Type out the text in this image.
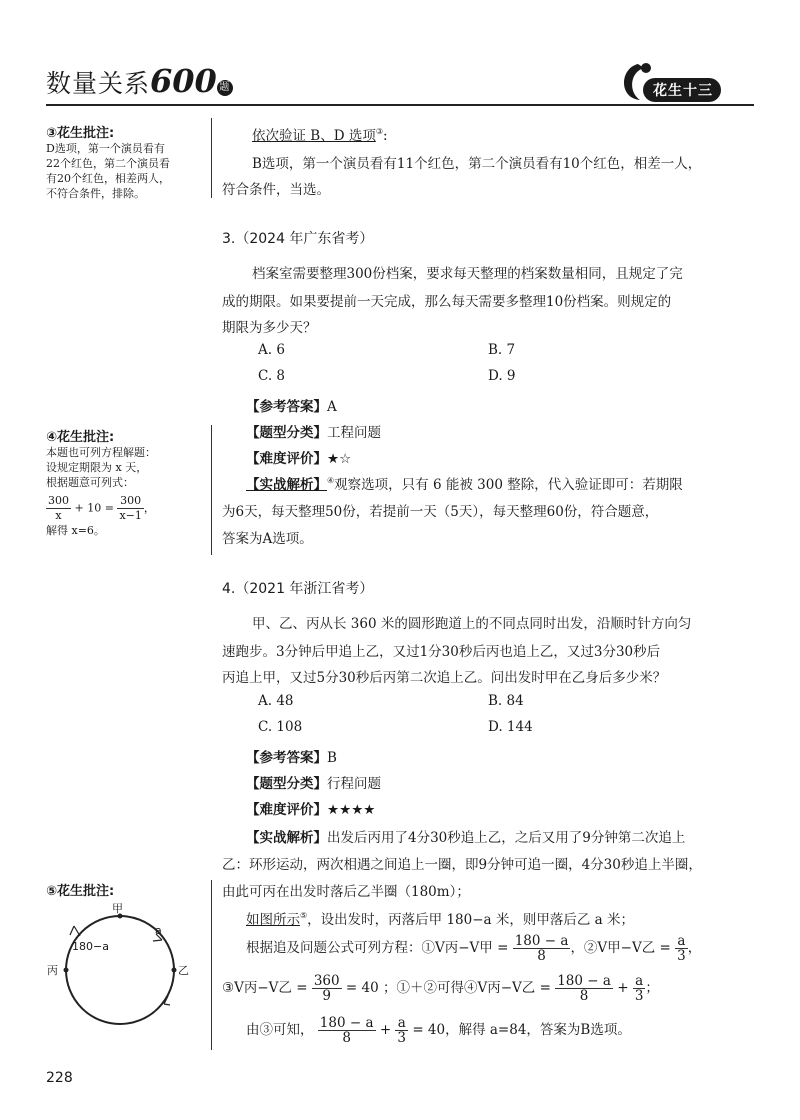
数量关系600 题	花生十三
③花生批注:
D选项，第一个演员看有
22个红色，第二个演员看
有20个红色，相差两人，
不符合条件，排除。
④花生批注:
本题也可列方程解题：
设规定期限为 x 天，
根据题意可列式：
$\frac{300}{x} + 10 = \frac{300}{x-1}$ ，
解得 x=6。
⑤花生批注:
甲
丙	乙
a
180−a
依次验证 B、D 选项③:
B选项，第一个演员看有11个红色，第二个演员看有10个红色，相差一人，
符合条件，当选。
3.（2024 年广东省考）
档案室需要整理300份档案，要求每天整理的档案数量相同，且规定了完
成的期限。如果要提前一天完成，那么每天需要多整理10份档案。则规定的
期限为多少天？
A. 6	B. 7
C. 8	D. 9
【参考答案】A
【题型分类】工程问题
【难度评价】★☆
【实战解析】④观察选项，只有 6 能被 300 整除，代入验证即可：若期限
为6天，每天整理50份，若提前一天（5天），每天整理60份，符合题意，
答案为A选项。
4.（2021 年浙江省考）
甲、乙、丙从长 360 米的圆形跑道上的不同点同时出发，沿顺时针方向匀
速跑步。3分钟后甲追上乙，又过1分30秒后丙也追上乙，又过3分30秒后
丙追上甲，又过5分30秒后丙第二次追上乙。问出发时甲在乙身后多少米？
A. 48	B. 84
C. 108	D. 144
【参考答案】B
【题型分类】行程问题
【难度评价】★★★★
【实战解析】出发后丙用了4分30秒追上乙，之后又用了9分钟第二次追上
乙：环形运动，两次相遇之间追上一圈，即9分钟可追一圈，4分30秒追上半圈，
由此可丙在出发时落后乙半圈（180m）；
如图所示⑤，设出发时，丙落后甲 180−a 米，则甲落后乙 a 米；
根据追及问题公式可列方程：①V丙−V甲 = $\frac{180 - a}{8}$ ，②V甲−V乙 = $\frac{a}{3}$ ，
③V丙−V乙 = $\frac{360}{9} = 40$ ；①＋②可得④V丙−V乙 = $\frac{180 - a}{8} + \frac{a}{3}$ ；
由③可知， $\frac{180 - a}{8} + \frac{a}{3} = 40$，解得 a=84，答案为B选项。
228
